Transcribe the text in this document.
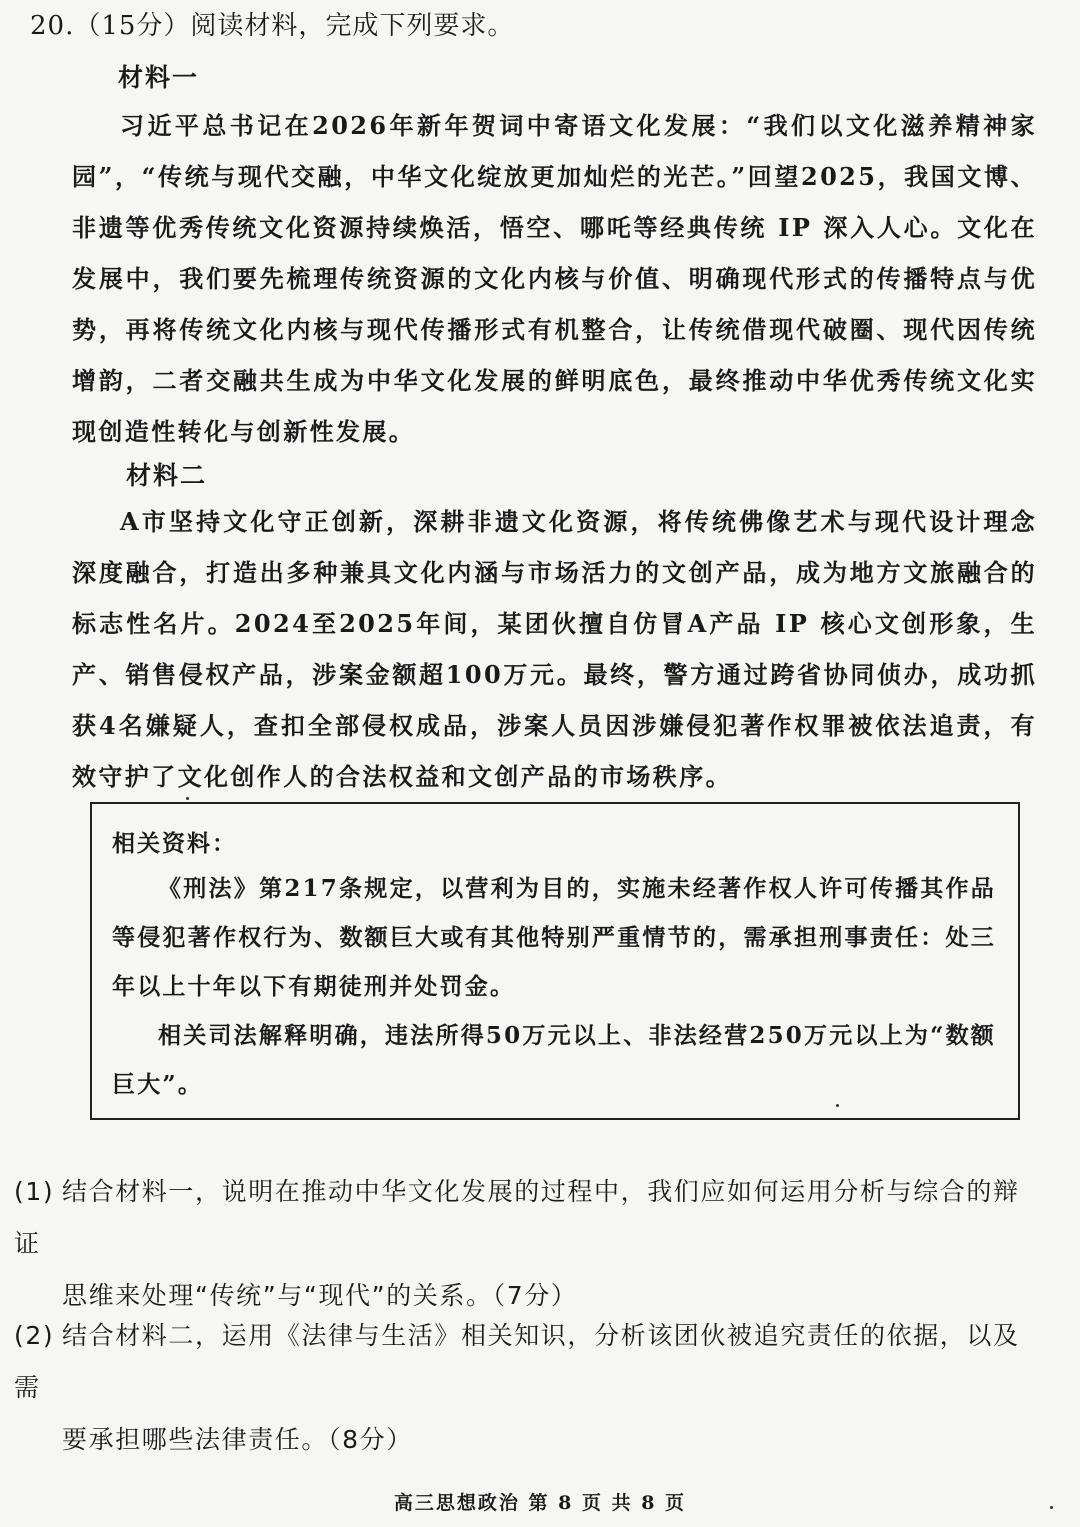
20.（15分）阅读材料，完成下列要求。
材料一
习近平总书记在2026年新年贺词中寄语文化发展：“我们以文化滋养精神家园”，“传统与现代交融，中华文化绽放更加灿烂的光芒。”回望2025，我国文博、非遗等优秀传统文化资源持续焕活，悟空、哪吒等经典传统 IP 深入人心。文化在发展中，我们要先梳理传统资源的文化内核与价值、明确现代形式的传播特点与优势，再将传统文化内核与现代传播形式有机整合，让传统借现代破圈、现代因传统增韵，二者交融共生成为中华文化发展的鲜明底色，最终推动中华优秀传统文化实现创造性转化与创新性发展。
材料二
A市坚持文化守正创新，深耕非遗文化资源，将传统佛像艺术与现代设计理念深度融合，打造出多种兼具文化内涵与市场活力的文创产品，成为地方文旅融合的标志性名片。2024至2025年间，某团伙擅自仿冒A产品 IP 核心文创形象，生产、销售侵权产品，涉案金额超100万元。最终，警方通过跨省协同侦办，成功抓获4名嫌疑人，查扣全部侵权成品，涉案人员因涉嫌侵犯著作权罪被依法追责，有效守护了文化创作人的合法权益和文创产品的市场秩序。
相关资料：
《刑法》第217条规定，以营利为目的，实施未经著作权人许可传播其作品等侵犯著作权行为、数额巨大或有其他特别严重情节的，需承担刑事责任：处三年以上十年以下有期徒刑并处罚金。
相关司法解释明确，违法所得50万元以上、非法经营250万元以上为“数额巨大”。
(1) 结合材料一，说明在推动中华文化发展的过程中，我们应如何运用分析与综合的辩证
思维来处理“传统”与“现代”的关系。（7分）
(2) 结合材料二，运用《法律与生活》相关知识，分析该团伙被追究责任的依据，以及需
要承担哪些法律责任。（8分）
高三思想政治 第 8 页 共 8 页
